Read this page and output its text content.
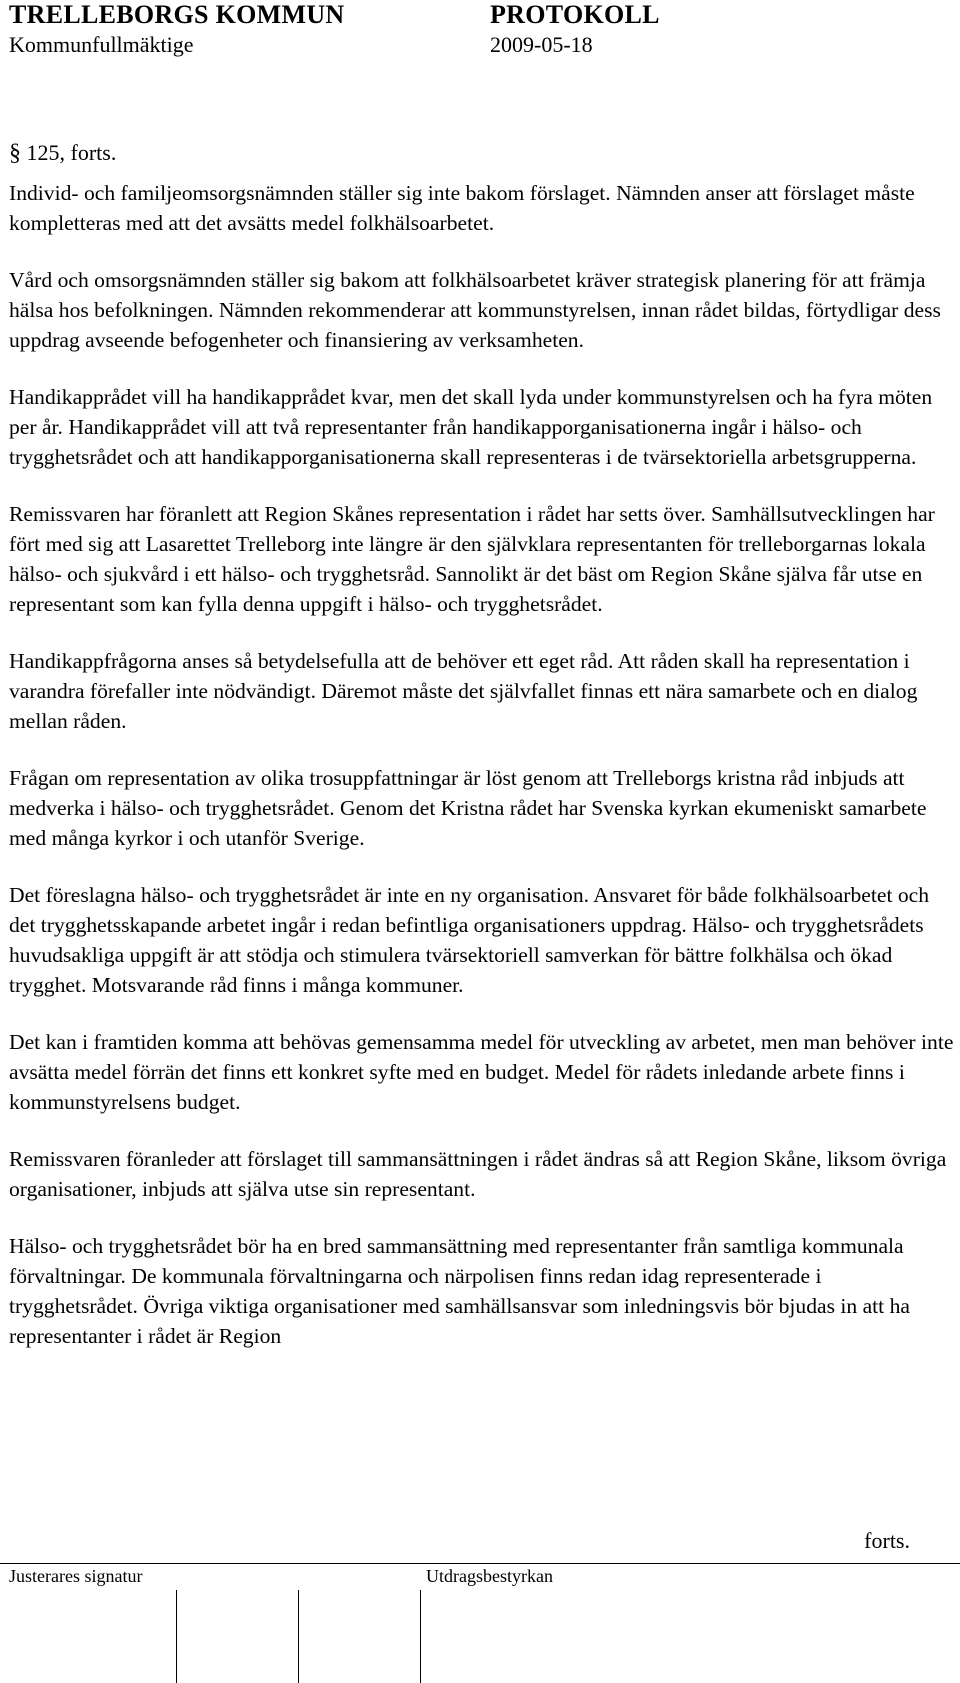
TRELLEBORGS KOMMUN	PROTOKOLL
Kommunfullmäktige	2009-05-18
§ 125, forts.

Individ- och familjeomsorgsnämnden ställer sig inte bakom förslaget. Nämnden anser att förslaget måste kompletteras med att det avsätts medel folkhälsoarbetet.

Vård och omsorgsnämnden ställer sig bakom att folkhälsoarbetet kräver strategisk planering för att främja hälsa hos befolkningen. Nämnden rekommenderar att kommunstyrelsen, innan rådet bildas, förtydligar dess uppdrag avseende befogenheter och finansiering av verksamheten.

Handikapprådet vill ha handikapprådet kvar, men det skall lyda under kommunstyrelsen och ha fyra möten per år. Handikapprådet vill att två representanter från handikapporganisationerna ingår i hälso- och trygghetsrådet och att handikapporganisationerna skall representeras i de tvärsektoriella arbetsgrupperna.

Remissvaren har föranlett att Region Skånes representation i rådet har setts över. Samhällsutvecklingen har fört med sig att Lasarettet Trelleborg inte längre är den självklara representanten för trelleborgarnas lokala hälso- och sjukvård i ett hälso- och trygghetsråd. Sannolikt är det bäst om Region Skåne själva får utse en representant som kan fylla denna uppgift i hälso- och trygghetsrådet.

Handikappfrågorna anses så betydelsefulla att de behöver ett eget råd. Att råden skall ha representation i varandra förefaller inte nödvändigt. Däremot måste det självfallet finnas ett nära samarbete och en dialog mellan råden.

Frågan om representation av olika trosuppfattningar är löst genom att Trelleborgs kristna råd inbjuds att medverka i hälso- och trygghetsrådet. Genom det Kristna rådet har Svenska kyrkan ekumeniskt samarbete med många kyrkor i och utanför Sverige.

Det föreslagna hälso- och trygghetsrådet är inte en ny organisation. Ansvaret för både folkhälsoarbetet och det trygghetsskapande arbetet ingår i redan befintliga organisationers uppdrag. Hälso- och trygghetsrådets huvudsakliga uppgift är att stödja och stimulera tvärsektoriell samverkan för bättre folkhälsa och ökad trygghet. Motsvarande råd finns i många kommuner.

Det kan i framtiden komma att behövas gemensamma medel för utveckling av arbetet, men man behöver inte avsätta medel förrän det finns ett konkret syfte med en budget. Medel för rådets inledande arbete finns i kommunstyrelsens budget.

Remissvaren föranleder att förslaget till sammansättningen i rådet ändras så att Region Skåne, liksom övriga organisationer, inbjuds att själva utse sin representant.

Hälso- och trygghetsrådet bör ha en bred sammansättning med representanter från samtliga kommunala förvaltningar. De kommunala förvaltningarna och närpolisen finns redan idag representerade i trygghetsrådet. Övriga viktiga organisationer med samhällsansvar som inledningsvis bör bjudas in att ha representanter i rådet är Region

forts.
Justerares signatur	Utdragsbestyrkan
